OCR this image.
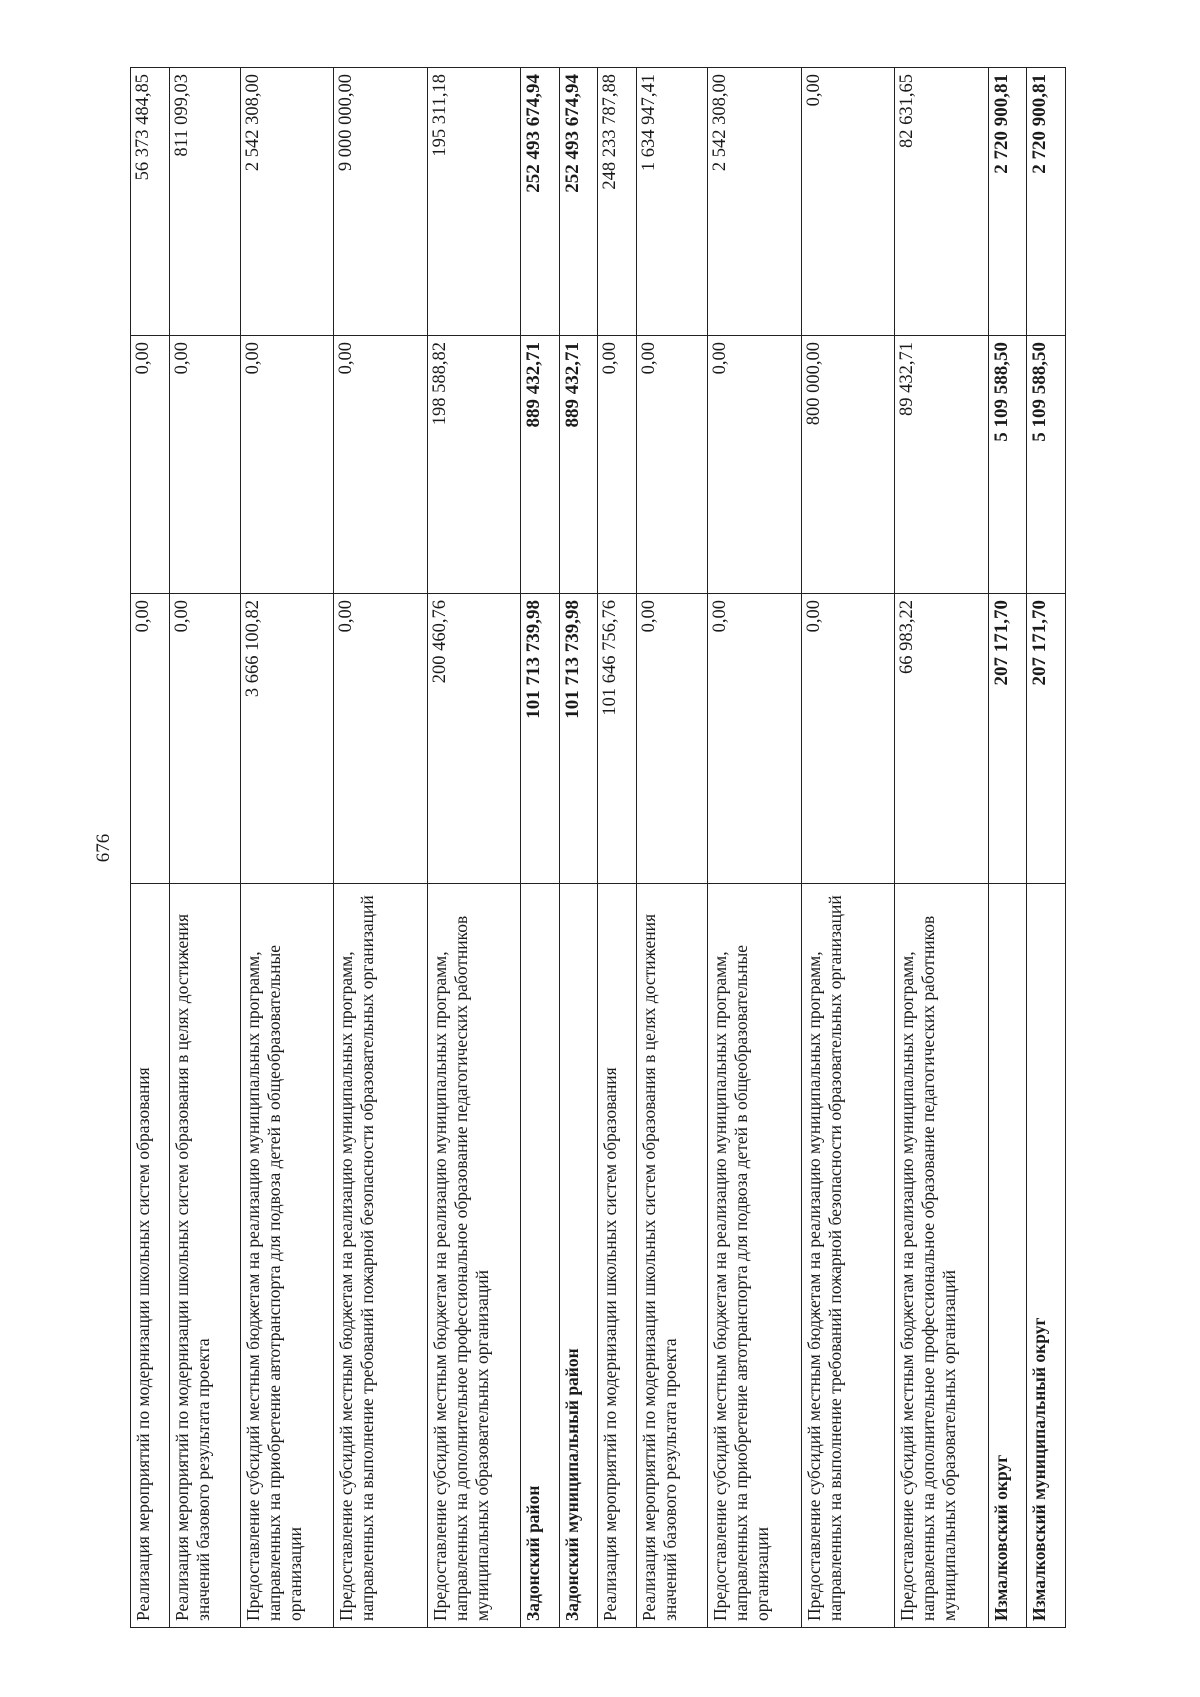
676
Реализация мероприятий по модернизации школьных систем образования	0,00	0,00	56 373 484,85
Реализация мероприятий по модернизации школьных систем образования в целях достижения значений базового результата проекта	0,00	0,00	811 099,03
Предоставление субсидий местным бюджетам на реализацию муниципальных программ, направленных на приобретение автотранспорта для подвоза детей в общеобразовательные организации	3 666 100,82	0,00	2 542 308,00
Предоставление субсидий местным бюджетам на реализацию муниципальных программ, направленных на выполнение требований пожарной безопасности образовательных организаций	0,00	0,00	9 000 000,00
Предоставление субсидий местным бюджетам на реализацию муниципальных программ, направленных на дополнительное профессиональное образование педагогических работников муниципальных образовательных организаций	200 460,76	198 588,82	195 311,18
Задонский район	101 713 739,98	889 432,71	252 493 674,94
Задонский муниципальный район	101 713 739,98	889 432,71	252 493 674,94
Реализация мероприятий по модернизации школьных систем образования	101 646 756,76	0,00	248 233 787,88
Реализация мероприятий по модернизации школьных систем образования в целях достижения значений базового результата проекта	0,00	0,00	1 634 947,41
Предоставление субсидий местным бюджетам на реализацию муниципальных программ, направленных на приобретение автотранспорта для подвоза детей в общеобразовательные организации	0,00	0,00	2 542 308,00
Предоставление субсидий местным бюджетам на реализацию муниципальных программ, направленных на выполнение требований пожарной безопасности образовательных организаций	0,00	800 000,00	0,00
Предоставление субсидий местным бюджетам на реализацию муниципальных программ, направленных на дополнительное профессиональное образование педагогических работников муниципальных образовательных организаций	66 983,22	89 432,71	82 631,65
Измалковский округ	207 171,70	5 109 588,50	2 720 900,81
Измалковский муниципальный округ	207 171,70	5 109 588,50	2 720 900,81
